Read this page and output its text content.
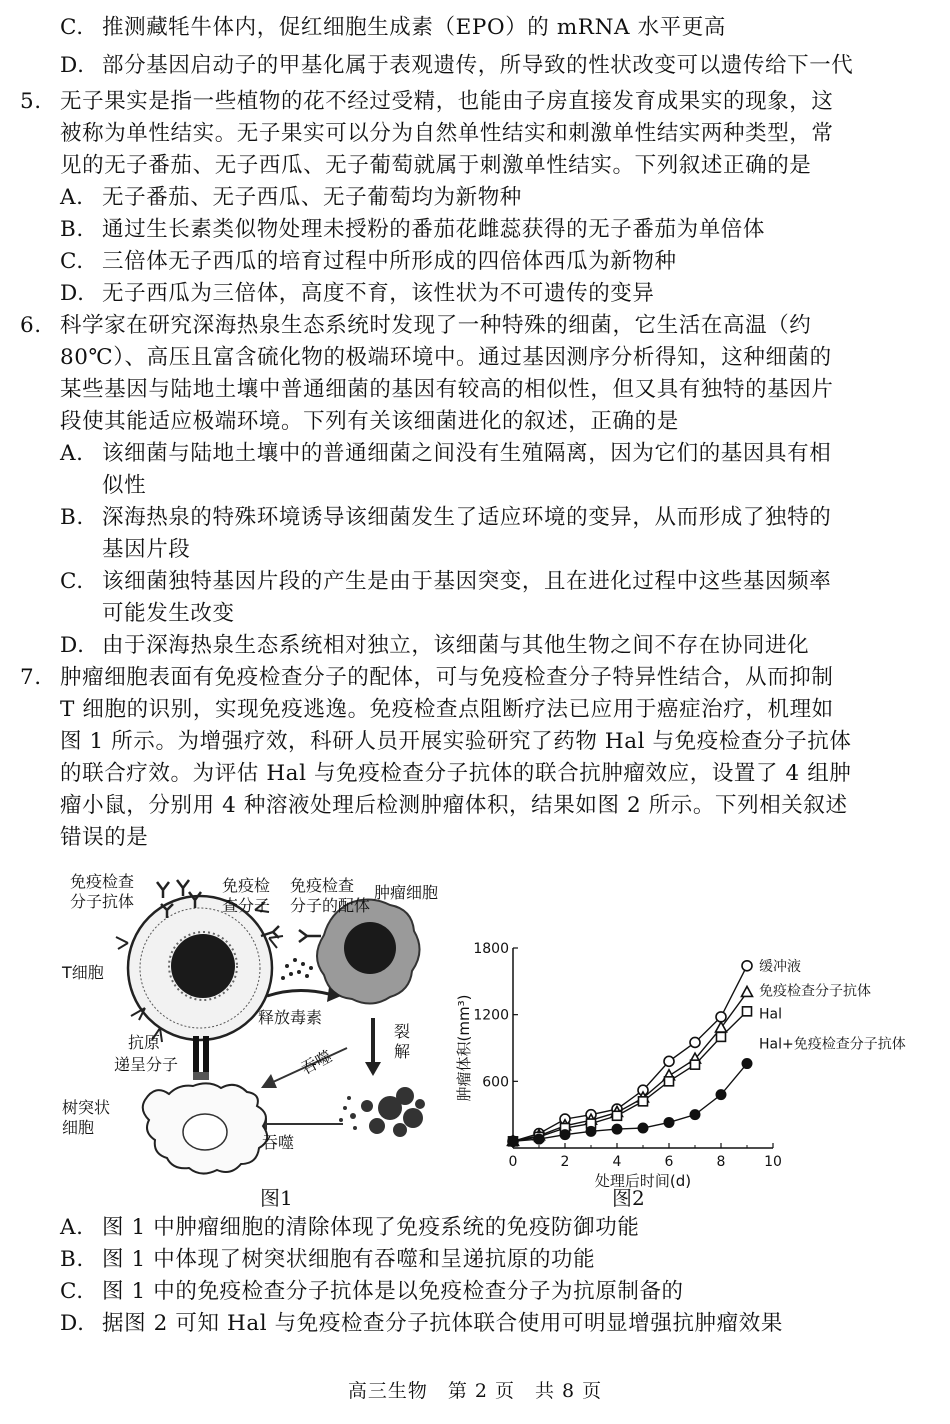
C. 推测藏牦牛体内，促红细胞生成素（EPO）的 mRNA 水平更高
D. 部分基因启动子的甲基化属于表观遗传，所导致的性状改变可以遗传给下一代
5. 无子果实是指一些植物的花不经过受精，也能由子房直接发育成果实的现象，这
被称为单性结实。无子果实可以分为自然单性结实和刺激单性结实两种类型，常
见的无子番茄、无子西瓜、无子葡萄就属于刺激单性结实。下列叙述正确的是
A. 无子番茄、无子西瓜、无子葡萄均为新物种
B. 通过生长素类似物处理未授粉的番茄花雌蕊获得的无子番茄为单倍体
C. 三倍体无子西瓜的培育过程中所形成的四倍体西瓜为新物种
D. 无子西瓜为三倍体，高度不育，该性状为不可遗传的变异
6. 科学家在研究深海热泉生态系统时发现了一种特殊的细菌，它生活在高温（约
80℃）、高压且富含硫化物的极端环境中。通过基因测序分析得知，这种细菌的
某些基因与陆地土壤中普通细菌的基因有较高的相似性，但又具有独特的基因片
段使其能适应极端环境。下列有关该细菌进化的叙述，正确的是
A. 该细菌与陆地土壤中的普通细菌之间没有生殖隔离，因为它们的基因具有相
似性
B. 深海热泉的特殊环境诱导该细菌发生了适应环境的变异，从而形成了独特的
基因片段
C. 该细菌独特基因片段的产生是由于基因突变，且在进化过程中这些基因频率
可能发生改变
D. 由于深海热泉生态系统相对独立，该细菌与其他生物之间不存在协同进化
7. 肿瘤细胞表面有免疫检查分子的配体，可与免疫检查分子特异性结合，从而抑制
T 细胞的识别，实现免疫逃逸。免疫检查点阻断疗法已应用于癌症治疗，机理如
图 1 所示。为增强疗效，科研人员开展实验研究了药物 Hal 与免疫检查分子抗体
的联合疗效。为评估 Hal 与免疫检查分子抗体的联合抗肿瘤效应，设置了 4 组肿
瘤小鼠，分别用 4 种溶液处理后检测肿瘤体积，结果如图 2 所示。下列相关叙述
错误的是
免疫检查
分子抗体
免疫检
查分子
免疫检查
分子的配体
肿瘤细胞
T细胞
释放毒素
裂
解
抗原
递呈分子	吞噬
吞噬
树突状
细胞
图1
0	2	4	6	8	10
600
1200
1800
处理后时间(d)
肿瘤体积(mm³)
缓冲液
免疫检查分子抗体
Hal
Hal+免疫检查分子抗体
图2
A. 图 1 中肿瘤细胞的清除体现了免疫系统的免疫防御功能
B. 图 1 中体现了树突状细胞有吞噬和呈递抗原的功能
C. 图 1 中的免疫检查分子抗体是以免疫检查分子为抗原制备的
D. 据图 2 可知 Hal 与免疫检查分子抗体联合使用可明显增强抗肿瘤效果
高三生物　第 2 页　共 8 页
